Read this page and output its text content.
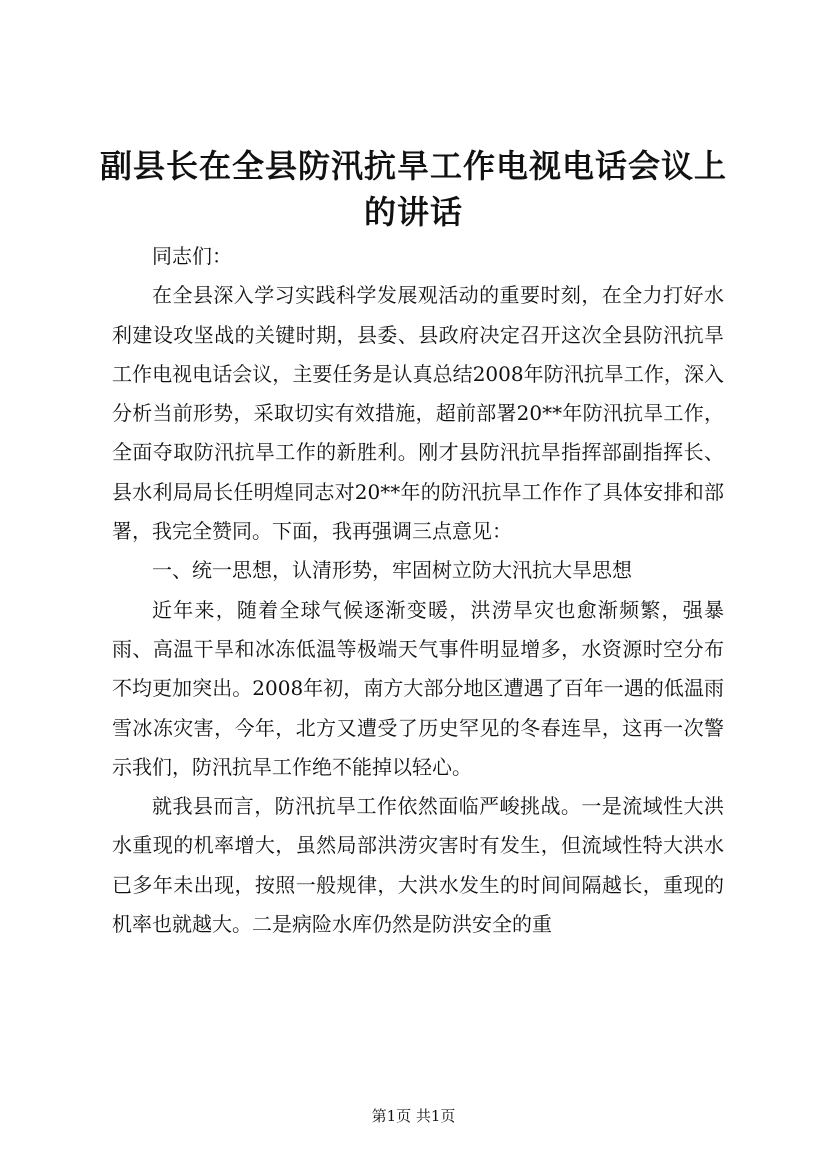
副县长在全县防汛抗旱工作电视电话会议上的讲话

同志们：

在全县深入学习实践科学发展观活动的重要时刻，在全力打好水利建设攻坚战的关键时期，县委、县政府决定召开这次全县防汛抗旱工作电视电话会议，主要任务是认真总结2008年防汛抗旱工作，深入分析当前形势，采取切实有效措施，超前部署20**年防汛抗旱工作，全面夺取防汛抗旱工作的新胜利。刚才县防汛抗旱指挥部副指挥长、县水利局局长任明煌同志对20**年的防汛抗旱工作作了具体安排和部署，我完全赞同。下面，我再强调三点意见：

一、统一思想，认清形势，牢固树立防大汛抗大旱思想

近年来，随着全球气候逐渐变暖，洪涝旱灾也愈渐频繁，强暴雨、高温干旱和冰冻低温等极端天气事件明显增多，水资源时空分布不均更加突出。2008年初，南方大部分地区遭遇了百年一遇的低温雨雪冰冻灾害，今年，北方又遭受了历史罕见的冬春连旱，这再一次警示我们，防汛抗旱工作绝不能掉以轻心。

就我县而言，防汛抗旱工作依然面临严峻挑战。一是流域性大洪水重现的机率增大，虽然局部洪涝灾害时有发生，但流域性特大洪水已多年未出现，按照一般规律，大洪水发生的时间间隔越长，重现的机率也就越大。二是病险水库仍然是防洪安全的重

第1页 共1页
